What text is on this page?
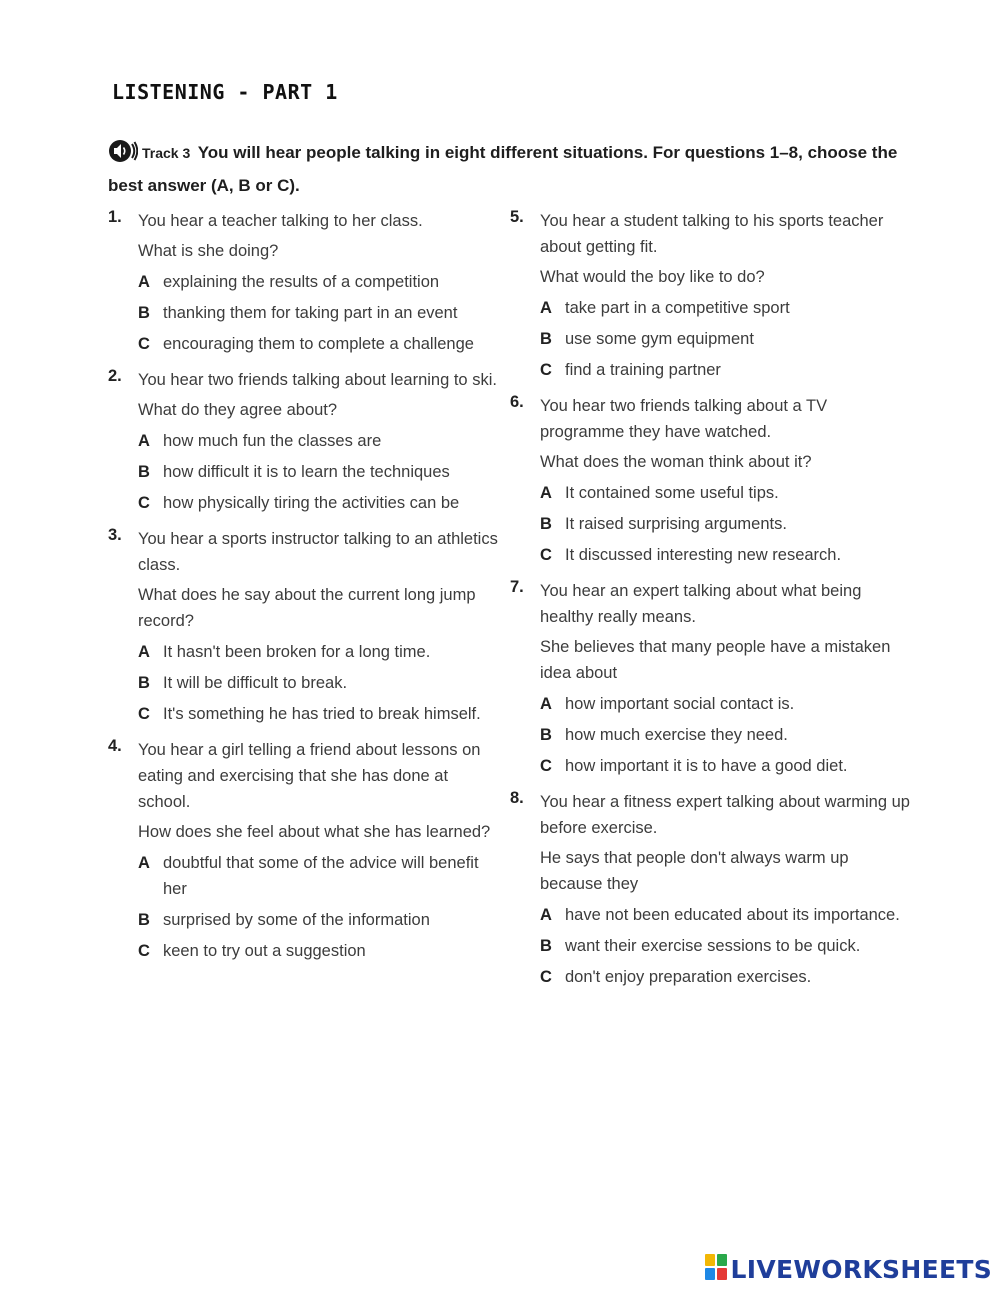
LISTENING - PART 1
Track 3 You will hear people talking in eight different situations. For questions 1–8, choose the best answer (A, B or C).
1. You hear a teacher talking to her class.
What is she doing?
A explaining the results of a competition
B thanking them for taking part in an event
C encouraging them to complete a challenge
2. You hear two friends talking about learning to ski.
What do they agree about?
A how much fun the classes are
B how difficult it is to learn the techniques
C how physically tiring the activities can be
3. You hear a sports instructor talking to an athletics class.
What does he say about the current long jump record?
A It hasn't been broken for a long time.
B It will be difficult to break.
C It's something he has tried to break himself.
4. You hear a girl telling a friend about lessons on eating and exercising that she has done at school.
How does she feel about what she has learned?
A doubtful that some of the advice will benefit her
B surprised by some of the information
C keen to try out a suggestion
5. You hear a student talking to his sports teacher about getting fit.
What would the boy like to do?
A take part in a competitive sport
B use some gym equipment
C find a training partner
6. You hear two friends talking about a TV programme they have watched.
What does the woman think about it?
A It contained some useful tips.
B It raised surprising arguments.
C It discussed interesting new research.
7. You hear an expert talking about what being healthy really means.
She believes that many people have a mistaken idea about
A how important social contact is.
B how much exercise they need.
C how important it is to have a good diet.
8. You hear a fitness expert talking about warming up before exercise.
He says that people don't always warm up because they
A have not been educated about its importance.
B want their exercise sessions to be quick.
C don't enjoy preparation exercises.
LIVEWORKSHEETS
